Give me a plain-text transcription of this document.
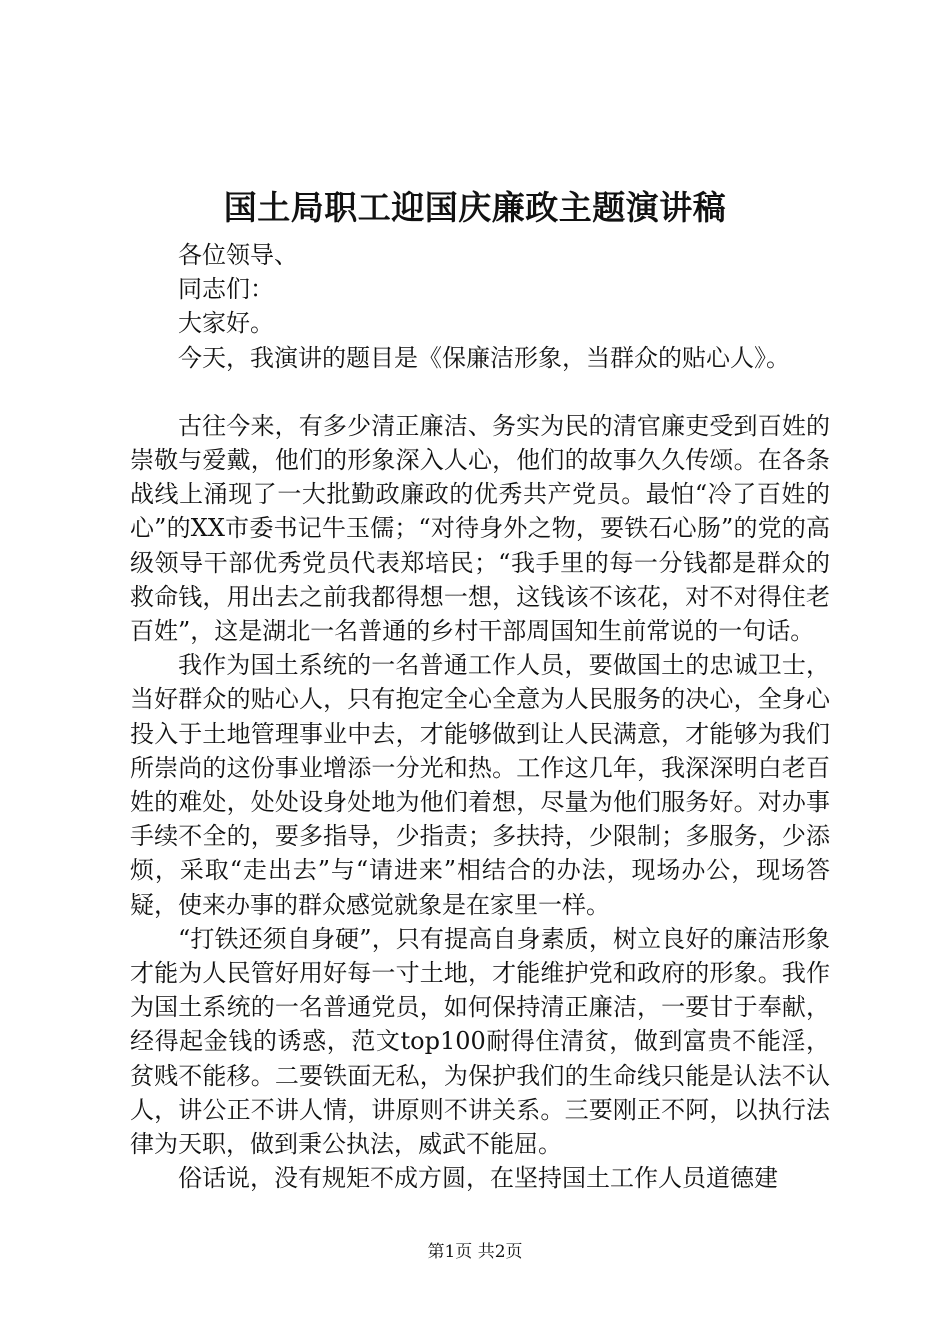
国土局职工迎国庆廉政主题演讲稿
各位领导、
同志们：
大家好。
今天，我演讲的题目是《保廉洁形象，当群众的贴心人》。

古往今来，有多少清正廉洁、务实为民的清官廉吏受到百姓的崇敬与爱戴，他们的形象深入人心，他们的故事久久传颂。在各条战线上涌现了一大批勤政廉政的优秀共产党员。最怕“冷了百姓的心”的XX市委书记牛玉儒；“对待身外之物，要铁石心肠”的党的高级领导干部优秀党员代表郑培民；“我手里的每一分钱都是群众的救命钱，用出去之前我都得想一想，这钱该不该花，对不对得住老百姓”，这是湖北一名普通的乡村干部周国知生前常说的一句话。

我作为国土系统的一名普通工作人员，要做国土的忠诚卫士，当好群众的贴心人，只有抱定全心全意为人民服务的决心，全身心投入于土地管理事业中去，才能够做到让人民满意，才能够为我们所崇尚的这份事业增添一分光和热。工作这几年，我深深明白老百姓的难处，处处设身处地为他们着想，尽量为他们服务好。对办事手续不全的，要多指导，少指责；多扶持，少限制；多服务，少添烦，采取“走出去”与“请进来”相结合的办法，现场办公，现场答疑，使来办事的群众感觉就象是在家里一样。

“打铁还须自身硬”，只有提高自身素质，树立良好的廉洁形象才能为人民管好用好每一寸土地，才能维护党和政府的形象。我作为国土系统的一名普通党员，如何保持清正廉洁，一要甘于奉献，经得起金钱的诱惑，范文top100耐得住清贫，做到富贵不能淫，贫贱不能移。二要铁面无私，为保护我们的生命线只能是认法不认人，讲公正不讲人情，讲原则不讲关系。三要刚正不阿，以执行法律为天职，做到秉公执法，威武不能屈。

俗话说，没有规矩不成方圆，在坚持国土工作人员道德建

第1页 共2页
